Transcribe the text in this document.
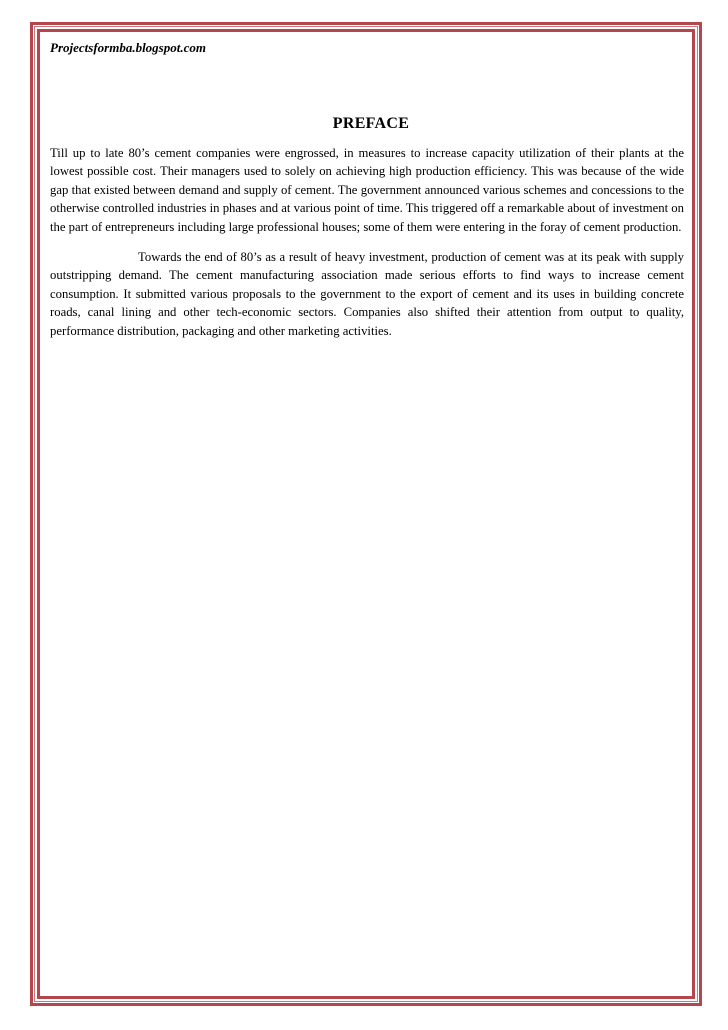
Projectsformba.blogspot.com

PREFACE

Till up to late 80’s cement companies were engrossed, in measures to increase capacity utilization of their plants at the lowest possible cost. Their managers used to solely on achieving high production efficiency. This was because of the wide gap that existed between demand and supply of cement. The government announced various schemes and concessions to the otherwise controlled industries in phases and at various point of time. This triggered off a remarkable about of investment on the part of entrepreneurs including large professional houses; some of them were entering in the foray of cement production.

Towards the end of 80’s as a result of heavy investment, production of cement was at its peak with supply outstripping demand. The cement manufacturing association made serious efforts to find ways to increase cement consumption. It submitted various proposals to the government to the export of cement and its uses in building concrete roads, canal lining and other tech-economic sectors. Companies also shifted their attention from output to quality, performance distribution, packaging and other marketing activities.
